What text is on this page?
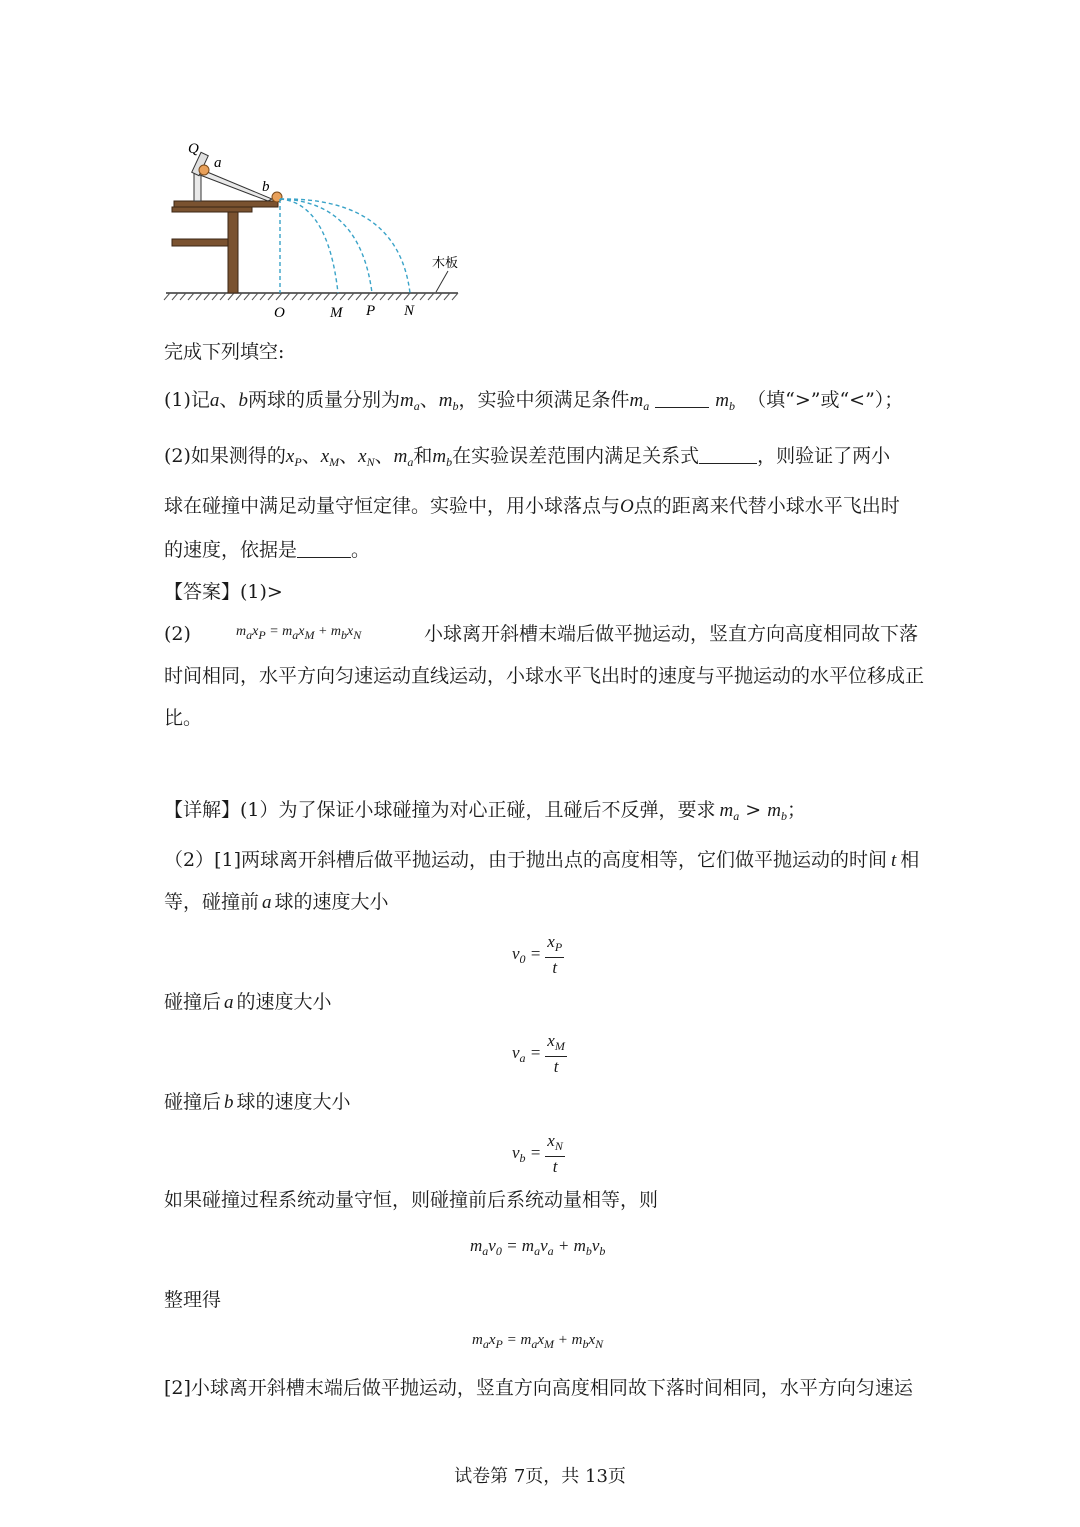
Q
a
b
木板
O	M P N
完成下列填空:
(1)记a、b两球的质量分别为$m_a$、$m_b$，实验中须满足条件$m_a$	$m_b$ （填“>”或“<”）；
(2)如果测得的$x_P$、$x_M$、$x_N$、$m_a$和$m_b$在实验误差范围内满足关系式	，则验证了两小
球在碰撞中满足动量守恒定律。实验中，用小球落点与O点的距离来代替小球水平飞出时
的速度，依据是	。
【答案】(1)>
(2)	maxP = maxM + mbxN	小球离开斜槽末端后做平抛运动，竖直方向高度相同故下落
时间相同，水平方向匀速运动直线运动，小球水平飞出时的速度与平抛运动的水平位移成正
比。
【详解】(1）为了保证小球碰撞为对心正碰，且碰后不反弹，要求 $m_a > m_b$；
（2）[1]两球离开斜槽后做平抛运动，由于抛出点的高度相等，它们做平抛运动的时间 t 相
等，碰撞前 a 球的速度大小
$v_0 = \frac{x_P}{t}$
碰撞后 a 的速度大小
$v_a = \frac{x_M}{t}$
碰撞后 b 球的速度大小
$v_b = \frac{x_N}{t}$
如果碰撞过程系统动量守恒，则碰撞前后系统动量相等，则
$m_av_0 = m_av_a + m_bv_b$
整理得
$m_ax_P = m_ax_M + m_bx_N$
[2]小球离开斜槽末端后做平抛运动，竖直方向高度相同故下落时间相同，水平方向匀速运
试卷第 7页，共 13页
